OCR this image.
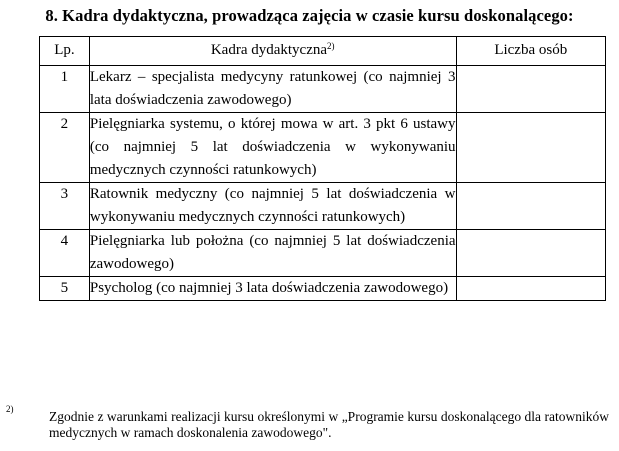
8. Kadra dydaktyczna, prowadząca zajęcia w czasie kursu doskonalącego:
Lp.	Kadra dydaktyczna$^{2)}$	Liczba osób
1	Lekarz – specjalista medycyny ratunkowej (co najmniej 3 lata doświadczenia zawodowego)	
2	Pielęgniarka systemu, o której mowa w art. 3 pkt 6 ustawy (co najmniej 5 lat doświadczenia w wykonywaniu medycznych czynności ratunkowych)	
3	Ratownik medyczny (co najmniej 5 lat doświadczenia w wykonywaniu medycznych czynności ratunkowych)	
4	Pielęgniarka lub położna (co najmniej 5 lat doświadczenia zawodowego)	
5	Psycholog (co najmniej 3 lata doświadczenia zawodowego)	
2)	Zgodnie z warunkami realizacji kursu określonymi w „Programie kursu doskonalącego dla ratowników medycznych w ramach doskonalenia zawodowego".
